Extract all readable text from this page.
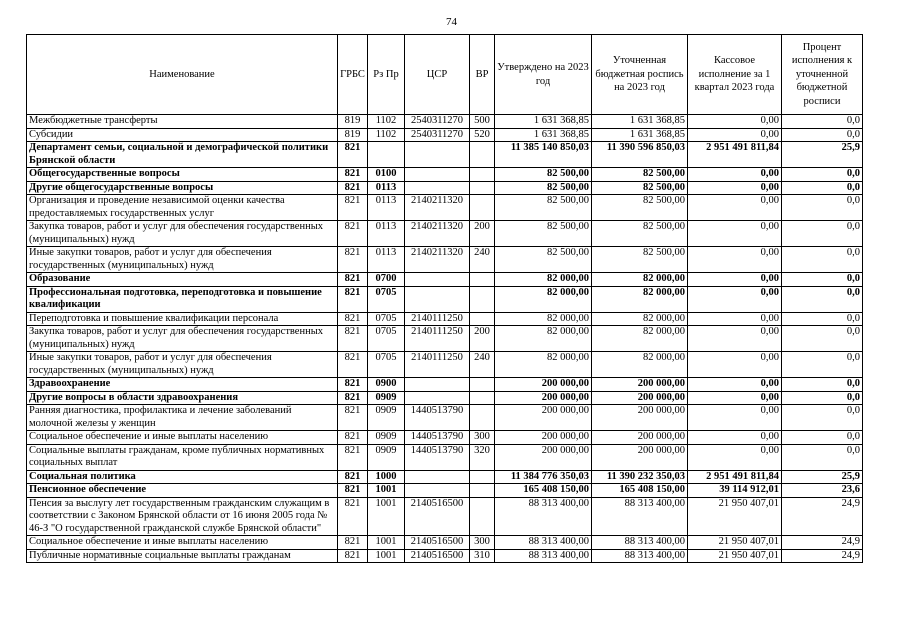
74
Наименование	ГРБС	Рз Пр	ЦСР	ВР	Утверждено на 2023 год	Уточненная бюджетная роспись на 2023 год	Кассовое исполнение за 1 квартал 2023 года	Процент исполнения к уточненной бюджетной росписи
Межбюджетные трансферты	819	1102	2540311270	500	1 631 368,85	1 631 368,85	0,00	0,0
Субсидии	819	1102	2540311270	520	1 631 368,85	1 631 368,85	0,00	0,0
Департамент семьи, социальной и демографической политики Брянской области	821				11 385 140 850,03	11 390 596 850,03	2 951 491 811,84	25,9
Общегосударственные вопросы	821	0100			82 500,00	82 500,00	0,00	0,0
Другие общегосударственные вопросы	821	0113			82 500,00	82 500,00	0,00	0,0
Организация и проведение независимой оценки качества предоставляемых государственных услуг	821	0113	2140211320		82 500,00	82 500,00	0,00	0,0
Закупка товаров, работ и услуг для обеспечения государственных (муниципальных) нужд	821	0113	2140211320	200	82 500,00	82 500,00	0,00	0,0
Иные закупки товаров, работ и услуг для обеспечения государственных (муниципальных) нужд	821	0113	2140211320	240	82 500,00	82 500,00	0,00	0,0
Образование	821	0700			82 000,00	82 000,00	0,00	0,0
Профессиональная подготовка, переподготовка и повышение квалификации	821	0705			82 000,00	82 000,00	0,00	0,0
Переподготовка и повышение квалификации персонала	821	0705	2140111250		82 000,00	82 000,00	0,00	0,0
Закупка товаров, работ и услуг для обеспечения государственных (муниципальных) нужд	821	0705	2140111250	200	82 000,00	82 000,00	0,00	0,0
Иные закупки товаров, работ и услуг для обеспечения государственных (муниципальных) нужд	821	0705	2140111250	240	82 000,00	82 000,00	0,00	0,0
Здравоохранение	821	0900			200 000,00	200 000,00	0,00	0,0
Другие вопросы в области здравоохранения	821	0909			200 000,00	200 000,00	0,00	0,0
Ранняя диагностика, профилактика и лечение заболеваний молочной железы у женщин	821	0909	1440513790		200 000,00	200 000,00	0,00	0,0
Социальное обеспечение и иные выплаты населению	821	0909	1440513790	300	200 000,00	200 000,00	0,00	0,0
Социальные выплаты гражданам, кроме публичных нормативных социальных выплат	821	0909	1440513790	320	200 000,00	200 000,00	0,00	0,0
Социальная политика	821	1000			11 384 776 350,03	11 390 232 350,03	2 951 491 811,84	25,9
Пенсионное обеспечение	821	1001			165 408 150,00	165 408 150,00	39 114 912,01	23,6
Пенсия за выслугу лет государственным гражданским служащим в соответствии с Законом Брянской области от 16 июня 2005 года № 46-З "О государственной гражданской службе Брянской области"	821	1001	2140516500		88 313 400,00	88 313 400,00	21 950 407,01	24,9
Социальное обеспечение и иные выплаты населению	821	1001	2140516500	300	88 313 400,00	88 313 400,00	21 950 407,01	24,9
Публичные нормативные социальные выплаты гражданам	821	1001	2140516500	310	88 313 400,00	88 313 400,00	21 950 407,01	24,9
